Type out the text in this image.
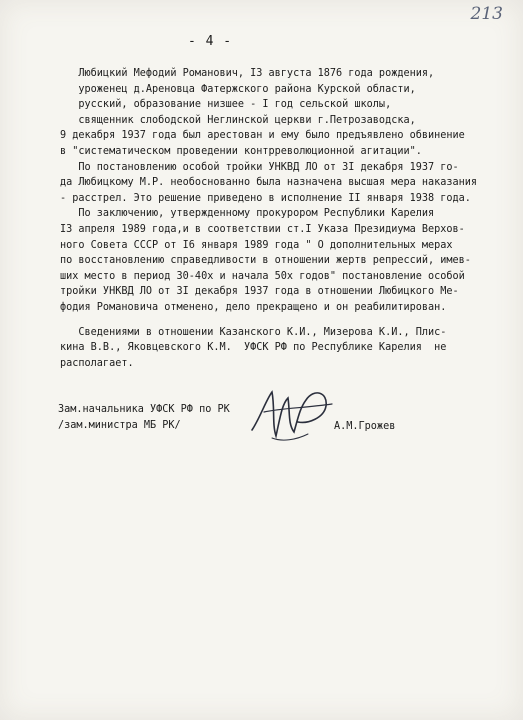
213
- 4 -
Любицкий Мефодий Романович, I3 августа 1876 года рождения,
уроженец д.Ареновца Фатержского района Курской области,
русский, образование низшее - I год сельской школы,
священник слободской Неглинской церкви г.Петрозаводска,
9 декабря 1937 года был арестован и ему было предъявлено обвинение
в "систематическом проведении контрреволюционной агитации".
По постановлению особой тройки УНКВД ЛО от 3I декабря 1937 го-
да Любицкому М.Р. необоснованно была назначена высшая мера наказания
- расстрел. Это решение приведено в исполнение II января 1938 года.
По заключению, утвержденному прокурором Республики Карелия
I3 апреля 1989 года,и в соответствии ст.I Указа Президиума Верхов-
ного Совета СССР от I6 января 1989 года " О дополнительных мерах
по восстановлению справедливости в отношении жертв репрессий, имев-
ших место в период 30-40х и начала 50х годов" постановление особой
тройки УНКВД ЛО от 3I декабря 1937 года в отношении Любицкого Ме-
фодия Романовича отменено, дело прекращено и он реабилитирован.
Сведениями в отношении Казанского К.И., Мизерова К.И., Плис-
кина В.В., Яковцевского К.М.  УФСК РФ по Республике Карелия  не
располагает.
Зам.начальника УФСК РФ по РК
/зам.министра МБ РК/	А.М.Грожев
